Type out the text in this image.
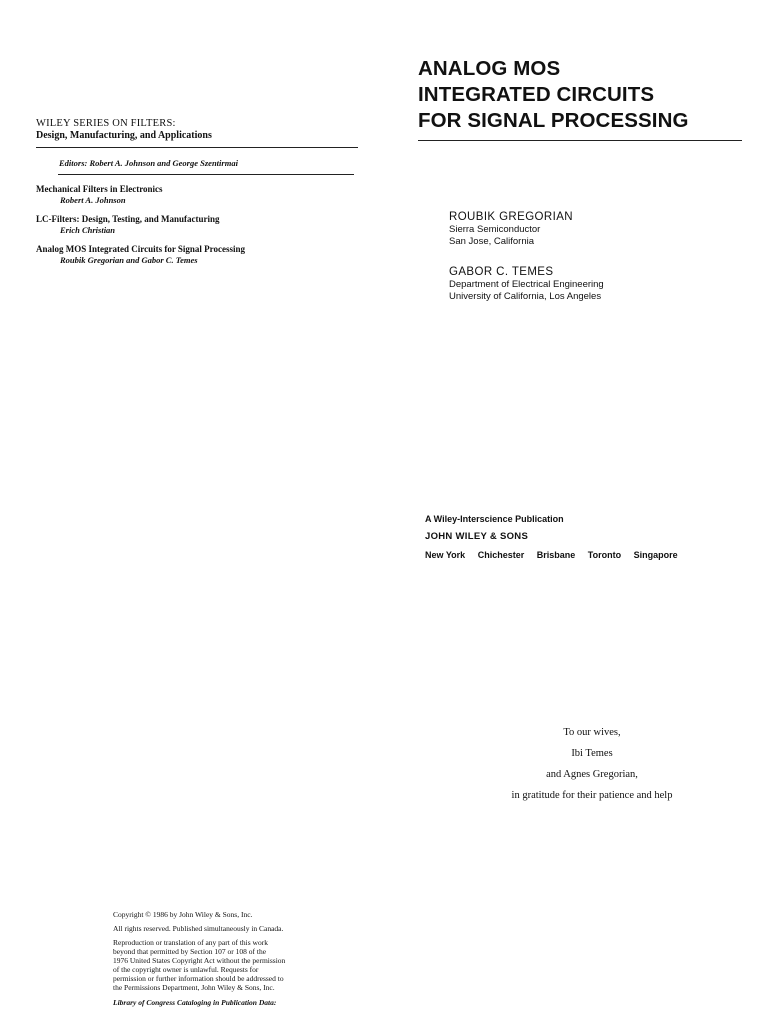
WILEY SERIES ON FILTERS:
Design, Manufacturing, and Applications
Editors: Robert A. Johnson and George Szentirmai
Mechanical Filters in Electronics
Robert A. Johnson
LC-Filters: Design, Testing, and Manufacturing
Erich Christian
Analog MOS Integrated Circuits for Signal Processing
Roubik Gregorian and Gabor C. Temes
ANALOG MOS
INTEGRATED CIRCUITS
FOR SIGNAL PROCESSING
ROUBIK GREGORIAN
Sierra Semiconductor
San Jose, California
GABOR C. TEMES
Department of Electrical Engineering
University of California, Los Angeles
A Wiley-Interscience Publication
JOHN WILEY & SONS
New York Chichester Brisbane Toronto Singapore
To our wives,
Ibi Temes
and Agnes Gregorian,
in gratitude for their patience and help
Copyright © 1986 by John Wiley & Sons, Inc.
All rights reserved. Published simultaneously in Canada.
Reproduction or translation of any part of this work
beyond that permitted by Section 107 or 108 of the
1976 United States Copyright Act without the permission
of the copyright owner is unlawful. Requests for
permission or further information should be addressed to
the Permissions Department, John Wiley & Sons, Inc.
Library of Congress Cataloging in Publication Data:
